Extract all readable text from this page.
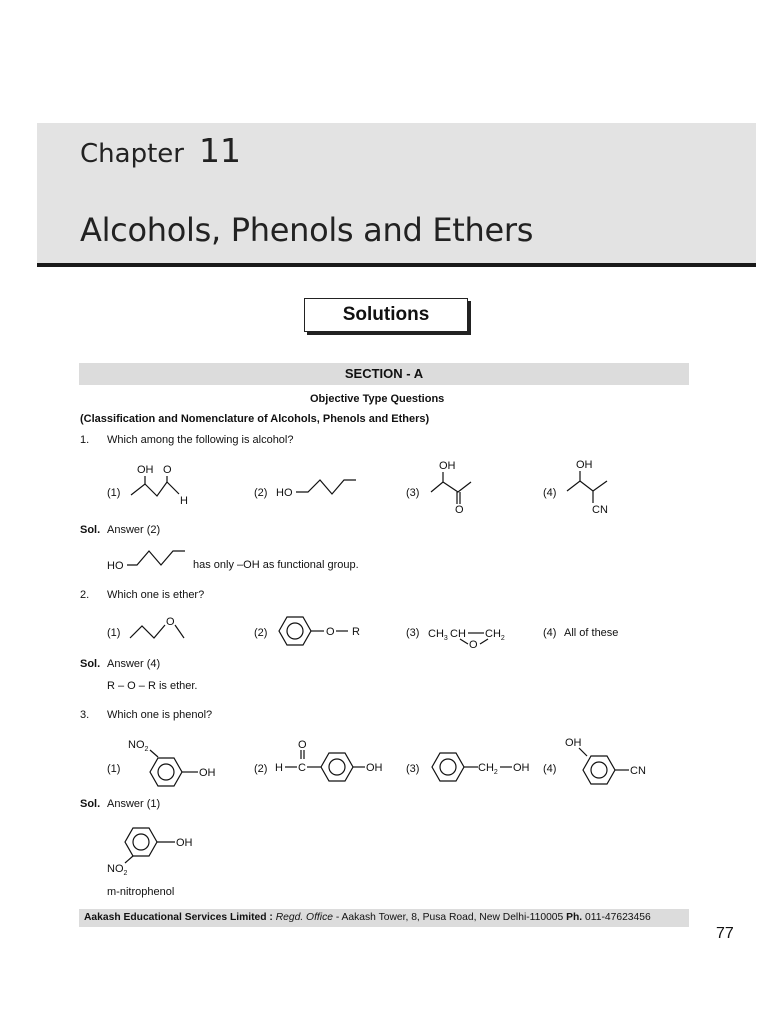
Chapter 11
Alcohols, Phenols and Ethers
Solutions
SECTION - A
Objective Type Questions
(Classification and Nomenclature of Alcohols, Phenols and Ethers)
1. Which among the following is alcohol?
(1)
OH O
H
(2) HO	(3)
OH
O
(4)
OH
CN
Sol. Answer (2)
HO	has only –OH as functional group.
2. Which one is ether?
(1)
O
(2)	O R	(3) $CH_3$ CH $CH_2$
O
(4) All of these
Sol. Answer (4)
R – O – R is ether.
3. Which one is phenol?
(1)
$NO_2$
OH	(2) H C
O
OH (3)	$CH_2$ OH (4)
OH
CN
Sol. Answer (1)
OH
$NO_2$
m-nitrophenol
Aakash Educational Services Limited : Regd. Office - Aakash Tower, 8, Pusa Road, New Delhi-110005 Ph. 011-47623456
77
